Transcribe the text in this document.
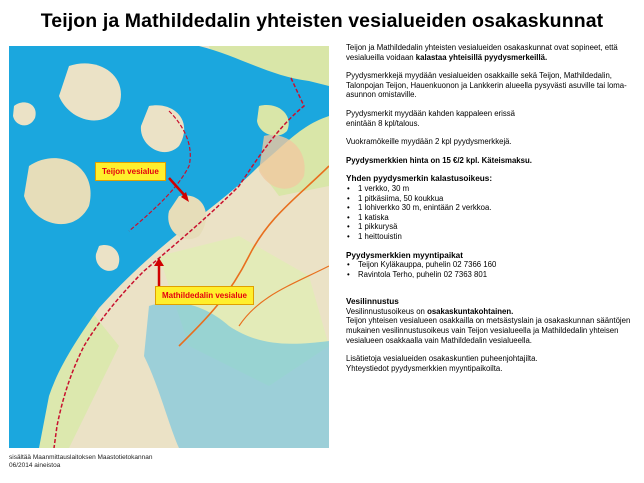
Teijon ja Mathildedalin yhteisten vesialueiden osakaskunnat
Teijon vesialue
Mathildedalin vesialue
sisältää Maanmittauslaitoksen Maastotietokannan
06/2014 aineistoa

Teijon ja Mathildedalin yhteisten vesialueiden osakaskunnat ovat sopineet, että vesialueilla voidaan kalastaa yhteisillä pyydysmerkeillä.

Pyydysmerkkejä myydään vesialueiden osakkaille sekä Teijon, Mathildedalin, Talonpojan Teijon, Hauenkuonon ja Lankkerin alueella pysyvästi asuville tai loma-asunnon omistaville.

Pyydysmerkit myydään kahden kappaleen erissä
enintään 8 kpl/talous.

Vuokramökeille myydään 2 kpl pyydysmerkkejä.

Pyydysmerkkien hinta on 15 €/2 kpl. Käteismaksu.

Yhden pyydysmerkin kalastusoikeus:
• 1 verkko, 30 m
• 1 pitkäsiima, 50 koukkua
• 1 lohiverkko 30 m, enintään 2 verkkoa.
• 1 katiska
• 1 pikkurysä
• 1 heittouistin
Pyydysmerkkien myyntipaikat
• Teijon Kyläkauppa, puhelin 02 7366 160
• Ravintola Terho, puhelin 02 7363 801
Vesilinnustus

Vesilinnustusoikeus on osakaskuntakohtainen.
Teijon yhteisen vesialueen osakkailla on metsästyslain ja osakaskunnan sääntöjen mukainen vesilinnustusoikeus vain Teijon vesialueella ja Mathildedalin yhteisen vesialueen osakkaalla vain Mathildedalin vesialueella.

Lisätietoja vesialueiden osakaskuntien puheenjohtajilta.
Yhteystiedot pyydysmerkkien myyntipaikoilta.
